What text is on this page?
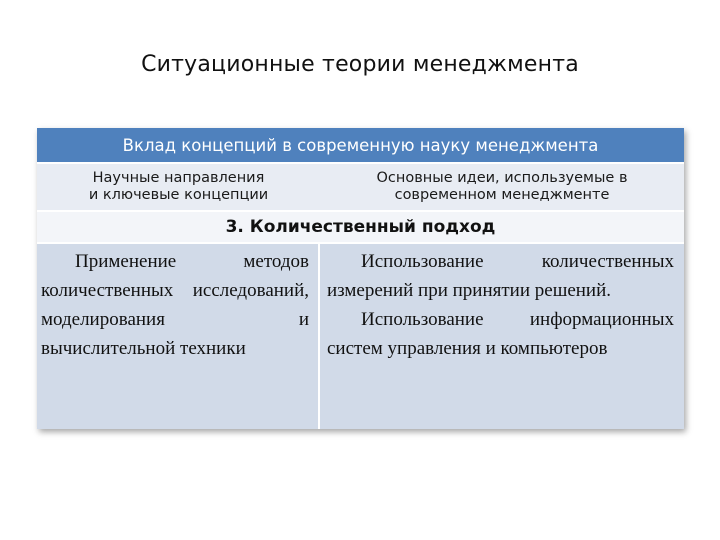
Ситуационные теории менеджмента
Вклад концепций в современную науку менеджмента
Научные направления
и ключевые концепции
Основные идеи, используемые в
современном менеджменте
3. Количественный подход

Применение методов количественных исследований, моделирования и вычислительной техники

Использование количественных измерений при принятии решений.

Использование информационных систем управления и компьютеров
